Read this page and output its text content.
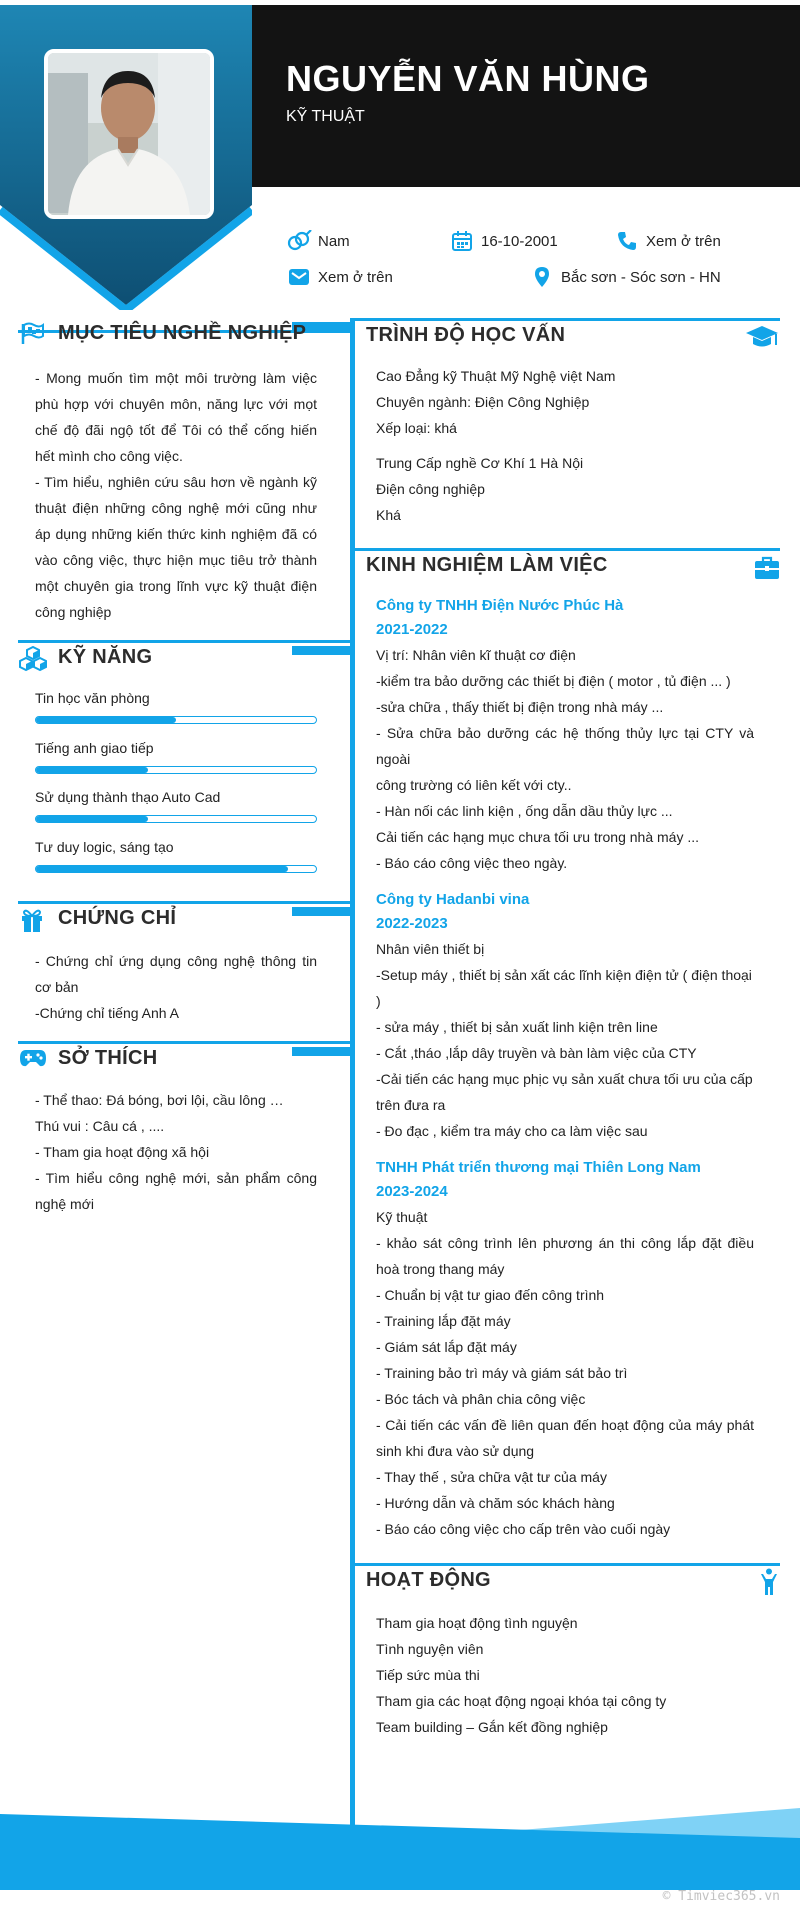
NGUYỄN VĂN HÙNG
KỸ THUẬT
Nam	16-10-2001	Xem ở trên
Xem ở trên	Bắc sơn - Sóc sơn - HN
MỤC TIÊU NGHỀ NGHIỆP

- Mong muốn tìm một môi trường làm việc phù hợp với chuyên môn, năng lực với mọt chế độ đãi ngộ tốt để Tôi có thể cống hiến hết mình cho công việc.

- Tìm hiểu, nghiên cứu sâu hơn về ngành kỹ thuật điện những công nghệ mới cũng như áp dụng những kiến thức kinh nghiệm đã có vào công việc, thực hiện mục tiêu trở thành một chuyên gia trong lĩnh vực kỹ thuật điện công nghiệp

KỸ NĂNG
Tin học văn phòng
Tiếng anh giao tiếp
Sử dụng thành thạo Auto Cad
Tư duy logic, sáng tạo
CHỨNG CHỈ
- Chứng chỉ ứng dụng công nghệ thông tin cơ bản
-Chứng chỉ tiếng Anh A
SỞ THÍCH
- Thể thao: Đá bóng, bơi lội, cầu lông …
Thú vui : Câu cá , ....
- Tham gia hoạt động xã hội
- Tìm hiểu công nghệ mới, sản phẩm công nghệ mới
TRÌNH ĐỘ HỌC VẤN
Cao Đẳng kỹ Thuật Mỹ Nghệ việt Nam
Chuyên ngành: Điện Công Nghiệp
Xếp loại: khá
Trung Cấp nghề Cơ Khí 1 Hà Nội
Điện công nghiệp
Khá
KINH NGHIỆM LÀM VIỆC
Công ty TNHH Điện Nước Phúc Hà
2021-2022
Vị trí: Nhân viên kĩ thuật cơ điện
-kiểm tra bảo dưỡng các thiết bị điện ( motor , tủ điện ... )
-sửa chữa , thấy thiết bị điện trong nhà máy ...
- Sửa chữa bảo dưỡng các hệ thống thủy lực tại CTY và ngoài
công trường có liên kết với cty..
- Hàn nối các linh kiện , ống dẫn dầu thủy lực ...
Cải tiến các hạng mục chưa tối ưu trong nhà máy ...
- Báo cáo công việc theo ngày.
Công ty Hadanbi vina
2022-2023
Nhân viên thiết bị
-Setup máy , thiết bị sản xất các lĩnh kiện điện tử ( điện thoại )
- sửa máy , thiết bị sản xuất linh kiện trên line
- Cắt ,tháo ,lắp dây truyền và bàn làm việc của CTY
-Cải tiến các hạng mục phịc vụ sản xuất chưa tối ưu của cấp trên đưa ra
- Đo đạc , kiểm tra máy cho ca làm việc sau
TNHH Phát triển thương mại Thiên Long Nam
2023-2024
Kỹ thuật
- khảo sát công trình lên phương án thi công lắp đặt điều hoà trong thang máy
- Chuẩn bị vật tư giao đến công trình
- Training lắp đặt máy
- Giám sát lắp đặt máy
- Training bảo trì máy và giám sát bảo trì
- Bóc tách và phân chia công việc
- Cải tiến các vấn đề liên quan đến hoạt động của máy phát sinh khi đưa vào sử dụng
- Thay thế , sửa chữa vật tư của máy
- Hướng dẫn và chăm sóc khách hàng
- Báo cáo công việc cho cấp trên vào cuối ngày
HOẠT ĐỘNG
Tham gia hoạt động tình nguyện
Tình nguyện viên
Tiếp sức mùa thi
Tham gia các hoạt động ngoại khóa tại công ty
Team building – Gắn kết đồng nghiệp
© Timviec365.vn
